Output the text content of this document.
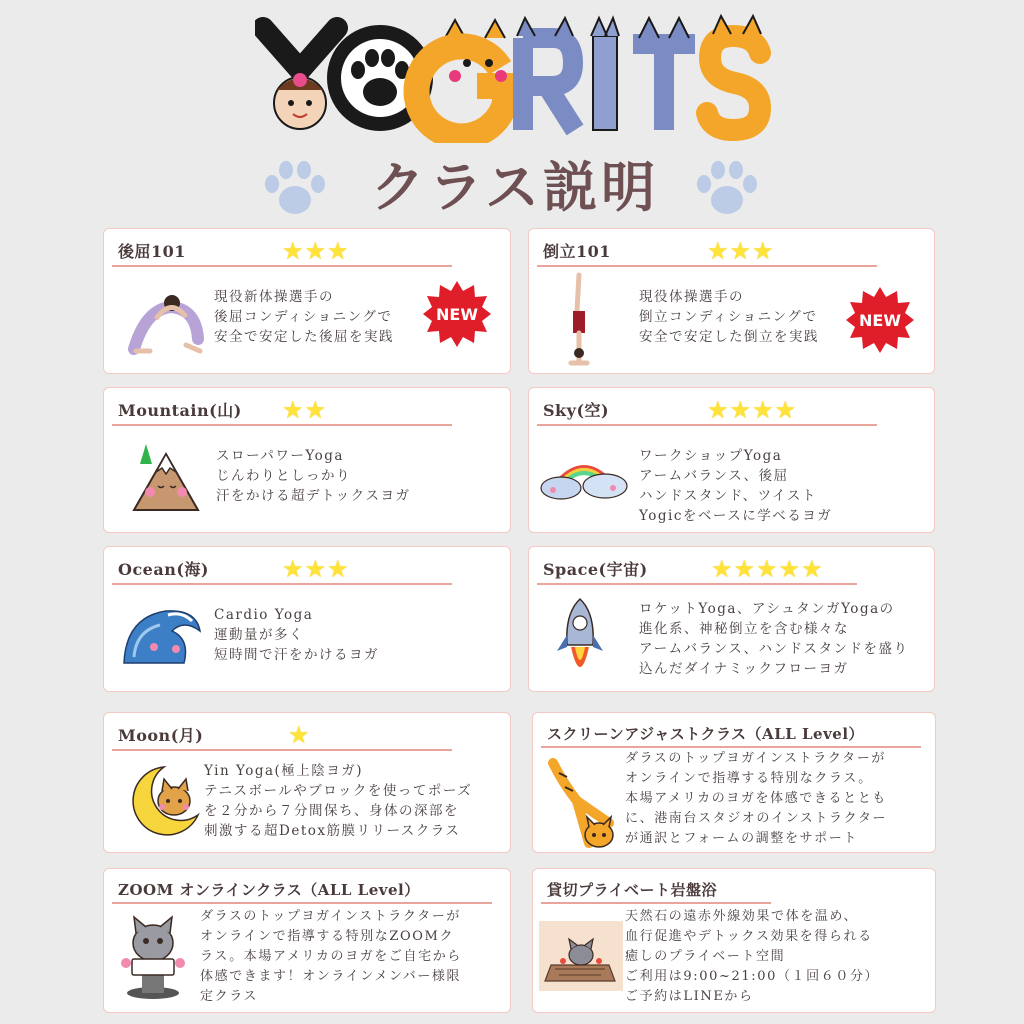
クラス説明
後屈101	★★★
現役新体操選手の
後屈コンディショニングで
安全で安定した後屈を実践
NEW
倒立101	★★★
現役体操選手の
倒立コンディショニングで
安全で安定した倒立を実践
NEW
Mountain(山) ★★
スローパワーYoga
じんわりとしっかり
汗をかける超デトックスヨガ
Sky(空)	★★★★
ワークショップYoga
アームバランス、後屈
ハンドスタンド、ツイスト
Yogicをベースに学べるヨガ
Ocean(海)	★★★
Cardio Yoga
運動量が多く
短時間で汗をかけるヨガ
Space(宇宙)	★★★★★
ロケットYoga、アシュタンガYogaの
進化系、神秘倒立を含む様々な
アームバランス、ハンドスタンドを盛り
込んだダイナミックフローヨガ
Moon(月)	★
Yin Yoga(極上陰ヨガ)
テニスボールやブロックを使ってポーズ
を２分から７分間保ち、身体の深部を
刺激する超Detox筋膜リリースクラス
スクリーンアジャストクラス（ALL Level）
ダラスのトップヨガインストラクターが
オンラインで指導する特別なクラス。
本場アメリカのヨガを体感できるととも
に、港南台スタジオのインストラクター
が通訳とフォームの調整をサポート
ZOOM オンラインクラス（ALL Level）
ダラスのトップヨガインストラクターが
オンラインで指導する特別なZOOMク
ラス。本場アメリカのヨガをご自宅から
体感できます！オンラインメンバー様限
定クラス
貸切プライベート岩盤浴
天然石の遠赤外線効果で体を温め、
血行促進やデトックス効果を得られる
癒しのプライベート空間
ご利用は9:00~21:00（１回６０分）
ご予約はLINEから
